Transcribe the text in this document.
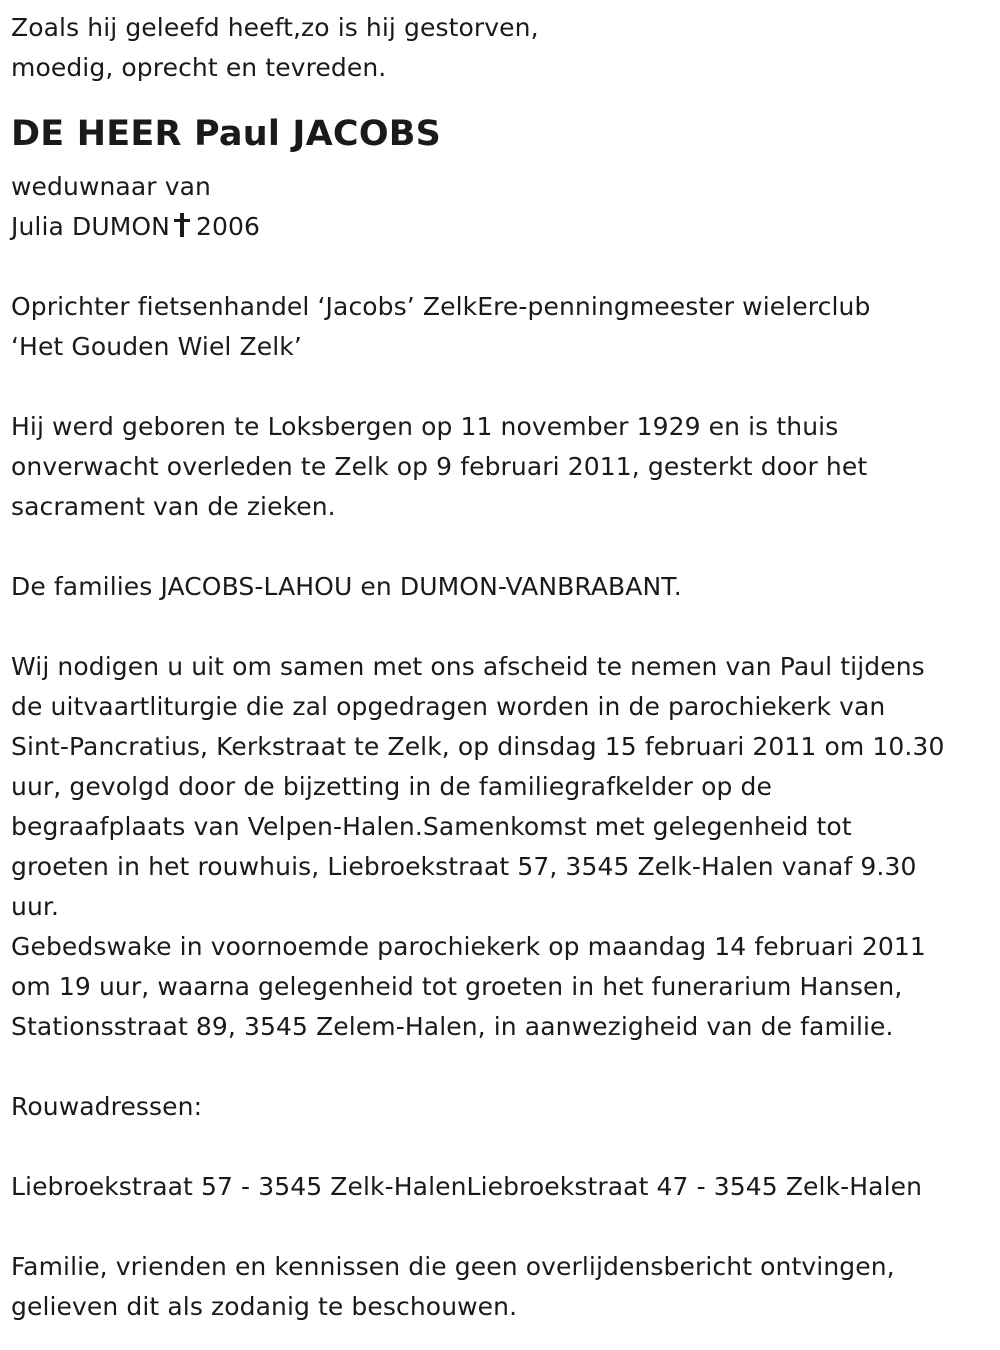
Zoals hij geleefd heeft,zo is hij gestorven,
moedig, oprecht en tevreden.
DE HEER Paul JACOBS
weduwnaar van
Julia DUMON 2006
Oprichter fietsenhandel ‘Jacobs’ ZelkEre-penningmeester wielerclub
‘Het Gouden Wiel Zelk’
Hij werd geboren te Loksbergen op 11 november 1929 en is thuis
onverwacht overleden te Zelk op 9 februari 2011, gesterkt door het
sacrament van de zieken.
De families JACOBS-LAHOU en DUMON-VANBRABANT.
Wij nodigen u uit om samen met ons afscheid te nemen van Paul tijdens
de uitvaartliturgie die zal opgedragen worden in de parochiekerk van
Sint-Pancratius, Kerkstraat te Zelk, op dinsdag 15 februari 2011 om 10.30
uur, gevolgd door de bijzetting in de familiegrafkelder op de
begraafplaats van Velpen-Halen.Samenkomst met gelegenheid tot
groeten in het rouwhuis, Liebroekstraat 57, 3545 Zelk-Halen vanaf 9.30
uur.
Gebedswake in voornoemde parochiekerk op maandag 14 februari 2011
om 19 uur, waarna gelegenheid tot groeten in het funerarium Hansen,
Stationsstraat 89, 3545 Zelem-Halen, in aanwezigheid van de familie.
Rouwadressen:
Liebroekstraat 57 - 3545 Zelk-HalenLiebroekstraat 47 - 3545 Zelk-Halen
Familie, vrienden en kennissen die geen overlijdensbericht ontvingen,
gelieven dit als zodanig te beschouwen.
